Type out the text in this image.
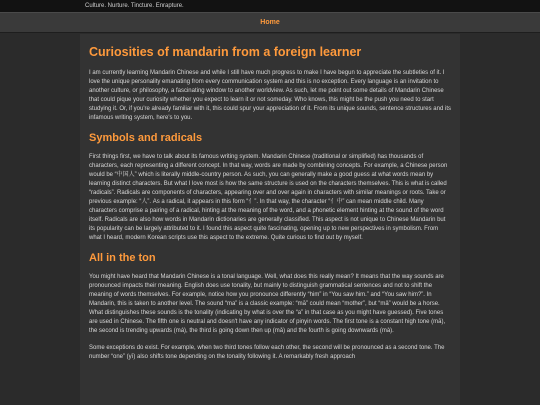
Culture. Nurture. Tincture. Enrapture.
Home
Curiosities of mandarin from a foreign learner

I am currently learning Mandarin Chinese and while I still have much progress to make I have begun to appreciate the subtleties of it. I love the unique personality emanating from every communication system and this is no exception. Every language is an invitation to another culture, or philosophy, a fascinating window to another worldview. As such, let me point out some details of Mandarin Chinese that could pique your curiosity whether you expect to learn it or not someday. Who knows, this might be the push you need to start studying it. Or, if you're already familiar with it, this could spur your appreciation of it. From its unique sounds, sentence structures and its infamous writing system, here's to you.

Symbols and radicals

First things first, we have to talk about its famous writing system. Mandarin Chinese (traditional or simplified) has thousands of characters, each representing a different concept. In that way, words are made by combining concepts. For example, a Chinese person would be “中国人” which is literally middle-country person. As such, you can generally make a good guess at what words mean by learning distinct characters. But what I love most is how the same structure is used on the characters themselves. This is what is called “radicals”. Radicals are components of characters, appearing over and over again in characters with similar meanings or roots. Take or previous example: “人”. As a radical, it appears in this form “亻”. In that way, the character “亻中” can mean middle child. Many characters comprise a pairing of a radical, hinting at the meaning of the word, and a phonetic element hinting at the sound of the word itself. Radicals are also how words in Mandarin dictionaries are generally classified. This aspect is not unique to Chinese Mandarin but its popularity can be largely attributed to it. I found this aspect quite fascinating, opening up to new perspectives in symbolism. From what I heard, modern Korean scripts use this aspect to the extreme. Quite curious to find out by myself.

All in the ton

You might have heard that Mandarin Chinese is a tonal language. Well, what does this really mean? It means that the way sounds are pronounced impacts their meaning. English does use tonality, but mainly to distinguish grammatical sentences and not to shift the meaning of words themselves. For example, notice how you pronounce differently “him” in “You saw him.” and “You saw him?”. In Mandarin, this is taken to another level. The sound “ma” is a classic example: “mā” could mean “mother”, but “mǎ” would be a horse. What distinguishes these sounds is the tonality (indicating by what is over the “a” in that case as you might have guessed). Five tones are used in Chinese. The fifth one is neutral and doesn't have any indicator of pinyin words. The first tone is a constant high tone (mā), the second is trending upwards (má), the third is going down then up (mǎ) and the fourth is going downwards (mà).

Some exceptions do exist. For example, when two third tones follow each other, the second will be pronounced as a second tone. The number “one” (yī) also shifts tone depending on the tonality following it. A remarkably fresh approach
